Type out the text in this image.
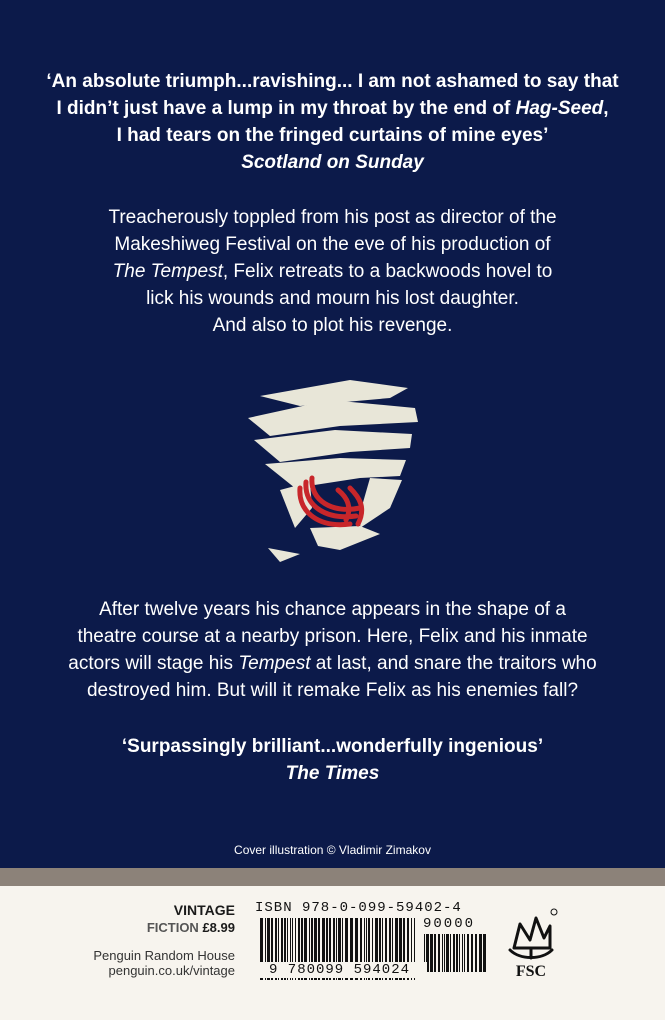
‘An absolute triumph...ravishing... I am not ashamed to say that
I didn’t just have a lump in my throat by the end of Hag-Seed,
I had tears on the fringed curtains of mine eyes’
Scotland on Sunday
Treacherously toppled from his post as director of the
Makeshiweg Festival on the eve of his production of
The Tempest, Felix retreats to a backwoods hovel to
lick his wounds and mourn his lost daughter.
And also to plot his revenge.
After twelve years his chance appears in the shape of a
theatre course at a nearby prison. Here, Felix and his inmate
actors will stage his Tempest at last, and snare the traitors who
destroyed him. But will it remake Felix as his enemies fall?
‘Surpassingly brilliant...wonderfully ingenious’
The Times
Cover illustration © Vladimir Zimakov
VINTAGE
FICTION £8.99
Penguin Random House
penguin.co.uk/vintage
ISBN 978-0-099-59402-4
90000
9 780099 594024	FSC
